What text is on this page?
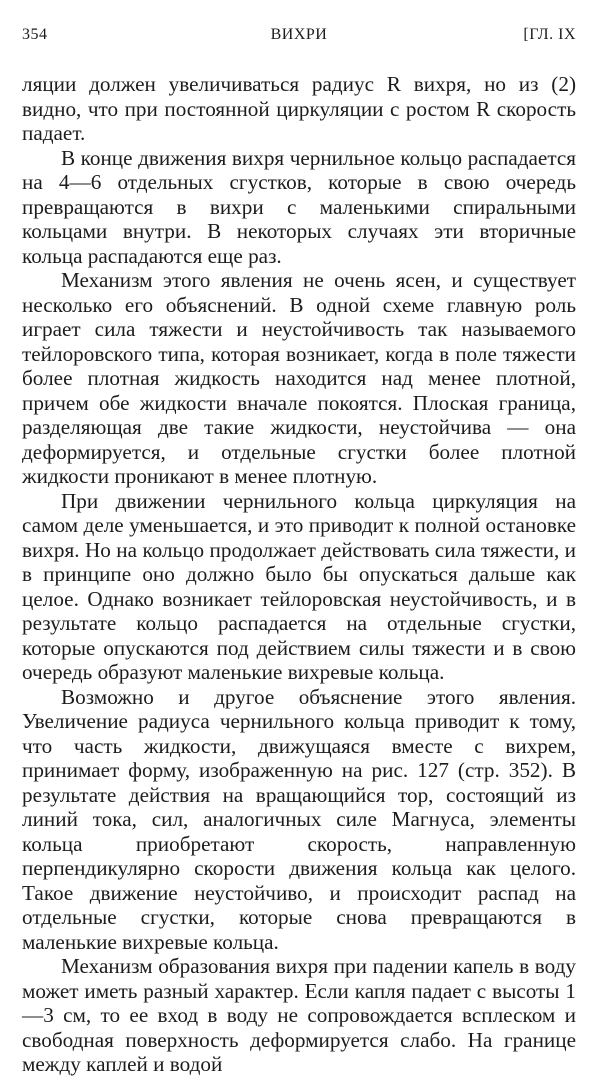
354	ВИХРИ	[ГЛ. IX

ляции должен увеличиваться радиус R вихря, но из (2) видно, что при постоянной циркуляции с ростом R скорость падает.

В конце движения вихря чернильное кольцо распадается на 4—6 отдельных сгустков, которые в свою очередь превращаются в вихри с маленькими спиральными кольцами внутри. В некоторых случаях эти вторичные кольца распадаются еще раз.

Механизм этого явления не очень ясен, и существует несколько его объяснений. В одной схеме главную роль играет сила тяжести и неустойчивость так называемого тейлоровского типа, которая возникает, когда в поле тяжести более плотная жидкость находится над менее плотной, причем обе жидкости вначале покоятся. Плоская граница, разделяющая две такие жидкости, неустойчива — она деформируется, и отдельные сгустки более плотной жидкости проникают в менее плотную.

При движении чернильного кольца циркуляция на самом деле уменьшается, и это приводит к полной остановке вихря. Но на кольцо продолжает действовать сила тяжести, и в принципе оно должно было бы опускаться дальше как целое. Однако возникает тейлоровская неустойчивость, и в результате кольцо распадается на отдельные сгустки, которые опускаются под действием силы тяжести и в свою очередь образуют маленькие вихревые кольца.

Возможно и другое объяснение этого явления. Увеличение радиуса чернильного кольца приводит к тому, что часть жидкости, движущаяся вместе с вихрем, принимает форму, изображенную на рис. 127 (стр. 352). В результате действия на вращающийся тор, состоящий из линий тока, сил, аналогичных силе Магнуса, элементы кольца приобретают скорость, направленную перпендикулярно скорости движения кольца как целого. Такое движение неустойчиво, и происходит распад на отдельные сгустки, которые снова превращаются в маленькие вихревые кольца.

Механизм образования вихря при падении капель в воду может иметь разный характер. Если капля падает с высоты 1—3 см, то ее вход в воду не сопровождается всплеском и свободная поверхность деформируется слабо. На границе между каплей и водой
